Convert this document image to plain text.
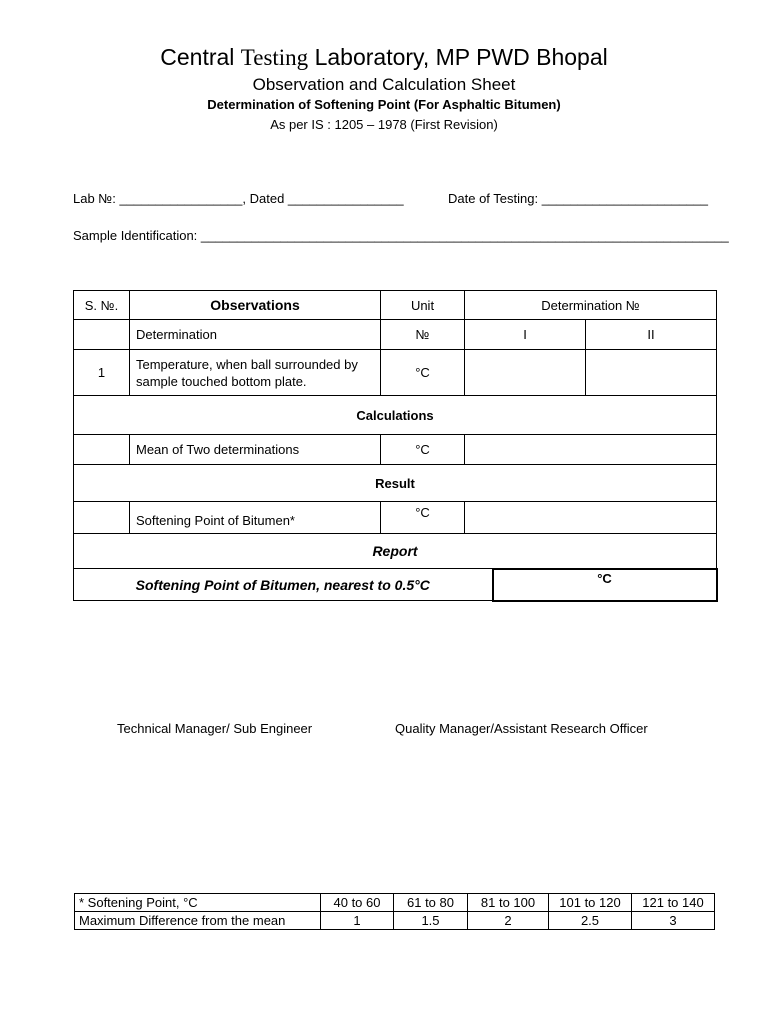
Central Testing Laboratory, MP PWD Bhopal
Observation and Calculation Sheet
Determination of Softening Point (For Asphaltic Bitumen)
As per IS : 1205 – 1978 (First Revision)
Lab №: _________________, Dated ________________	Date of Testing: _______________________
Sample Identification: _________________________________________________________________________
S. №.	Observations	Unit	Determination №		
	Determination	№	I		II
1	Temperature, when ball surrounded by sample touched bottom plate.	°C			
Calculations					
	Mean of Two determinations	°C			
Result					
	Softening Point of Bitumen*	°C			
Report					
Softening Point of Bitumen, nearest to 0.5°C				°C	
Technical Manager/ Sub Engineer	Quality Manager/Assistant Research Officer
* Softening Point, °C	40 to 60	61 to 80	81 to 100	101 to 120	121 to 140
Maximum Difference from the mean	1	1.5	2	2.5	3
